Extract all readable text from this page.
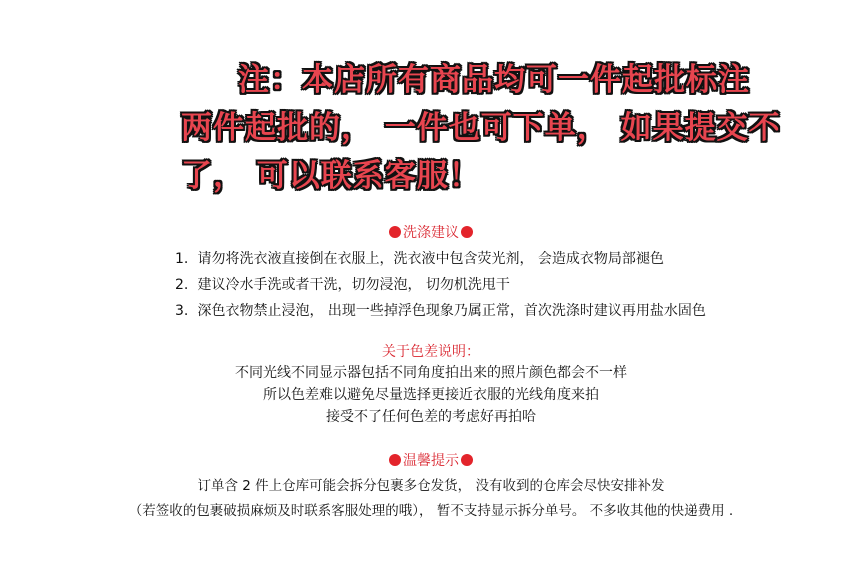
注：本店所有商品均可一件起批标注
两件起批的， 一件也可下单， 如果提交不
了， 可以联系客服！
洗涤建议
1. 请勿将洗衣液直接倒在衣服上，洗衣液中包含荧光剂， 会造成衣物局部褪色
2. 建议冷水手洗或者干洗，切勿浸泡， 切勿机洗甩干
3. 深色衣物禁止浸泡， 出现一些掉浮色现象乃属正常，首次洗涤时建议再用盐水固色
关于色差说明：
不同光线不同显示器包括不同角度拍出来的照片颜色都会不一样
所以色差难以避免尽量选择更接近衣服的光线角度来拍
接受不了任何色差的考虑好再拍哈
温馨提示
订单含 2 件上仓库可能会拆分包裹多仓发货， 没有收到的仓库会尽快安排补发
（若签收的包裹破损麻烦及时联系客服处理的哦）， 暂不支持显示拆分单号。 不多收其他的快递费用 .
